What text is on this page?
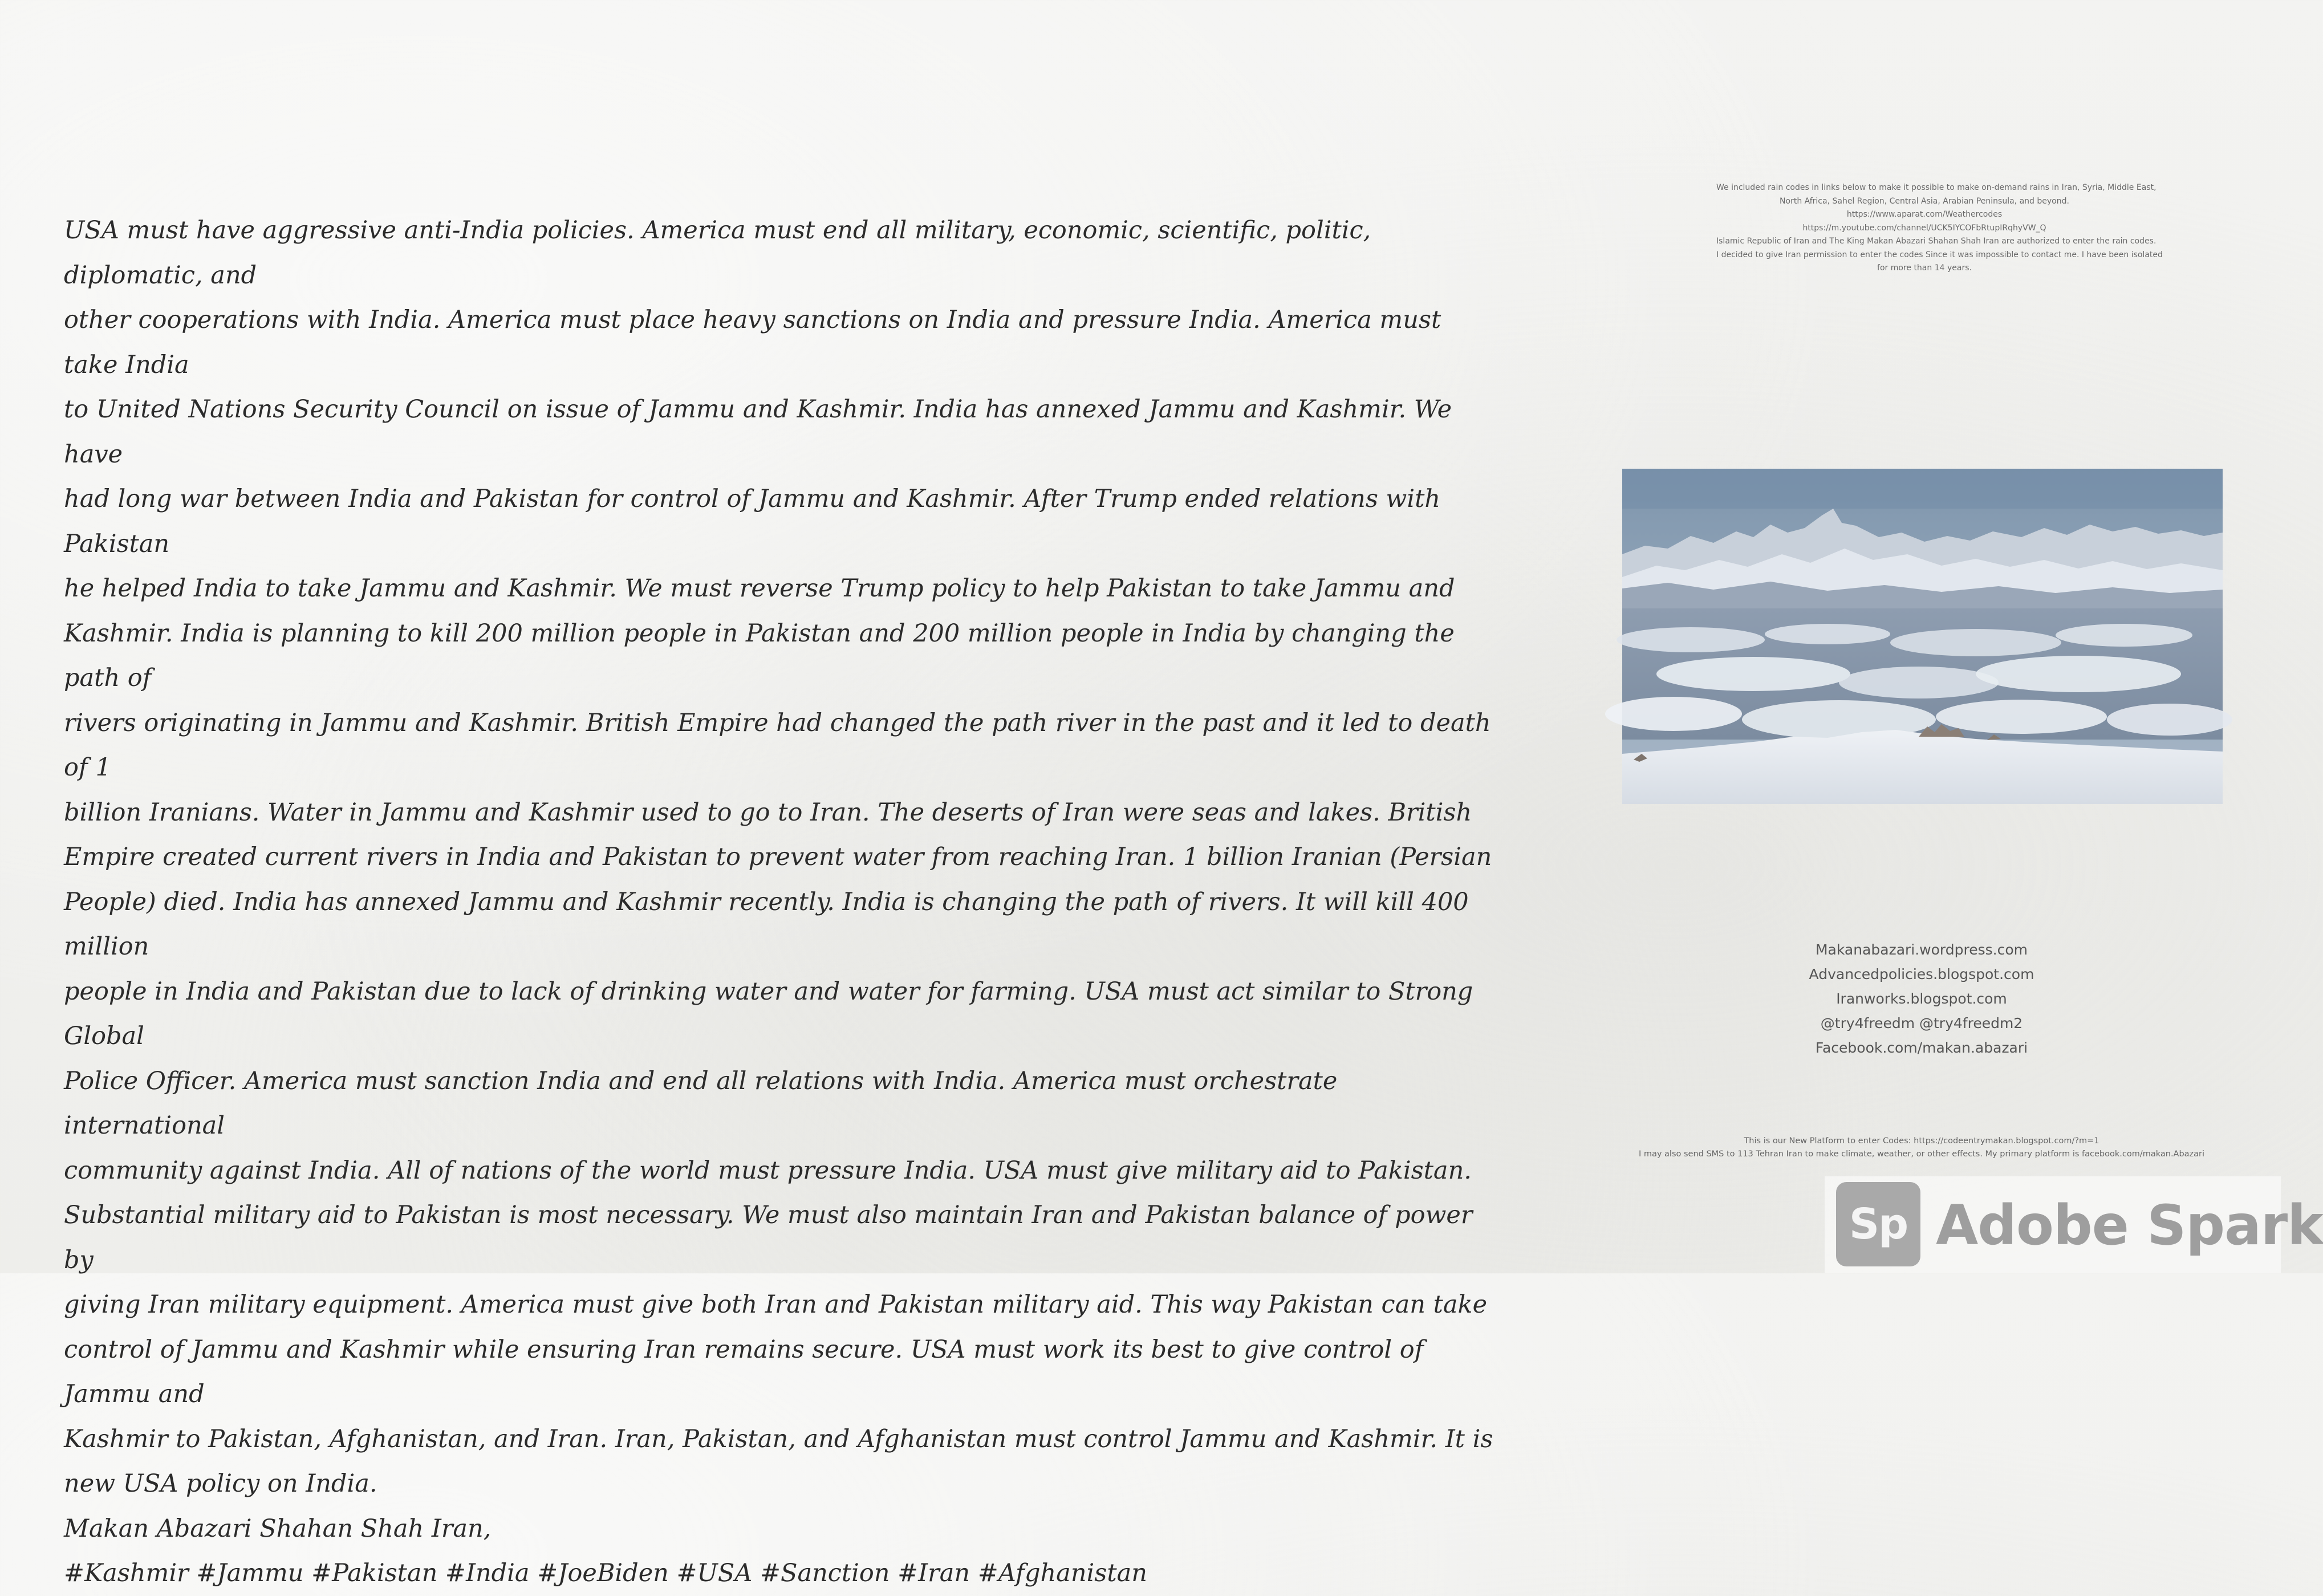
USA must have aggressive anti-India policies. America must end all military, economic, scientific, politic, diplomatic, and

other cooperations with India. America must place heavy sanctions on India and pressure India. America must take India

to United Nations Security Council on issue of Jammu and Kashmir. India has annexed Jammu and Kashmir. We have

had long war between India and Pakistan for control of Jammu and Kashmir. After Trump ended relations with Pakistan

he helped India to take Jammu and Kashmir. We must reverse Trump policy to help Pakistan to take Jammu and

Kashmir. India is planning to kill 200 million people in Pakistan and 200 million people in India by changing the path of

rivers originating in Jammu and Kashmir. British Empire had changed the path river in the past and it led to death of 1

billion Iranians. Water in Jammu and Kashmir used to go to Iran. The deserts of Iran were seas and lakes. British

Empire created current rivers in India and Pakistan to prevent water from reaching Iran. 1 billion Iranian (Persian

People) died. India has annexed Jammu and Kashmir recently. India is changing the path of rivers. It will kill 400 million

people in India and Pakistan due to lack of drinking water and water for farming. USA must act similar to Strong Global

Police Officer. America must sanction India and end all relations with India. America must orchestrate international

community against India. All of nations of the world must pressure India. USA must give military aid to Pakistan.

Substantial military aid to Pakistan is most necessary. We must also maintain Iran and Pakistan balance of power by

giving Iran military equipment. America must give both Iran and Pakistan military aid. This way Pakistan can take

control of Jammu and Kashmir while ensuring Iran remains secure. USA must work its best to give control of Jammu and

Kashmir to Pakistan, Afghanistan, and Iran. Iran, Pakistan, and Afghanistan must control Jammu and Kashmir. It is

new USA policy on India.

Makan Abazari Shahan Shah Iran,

#Kashmir #Jammu #Pakistan #India #JoeBiden #USA #Sanction #Iran #Afghanistan

We included rain codes in links below to make it possible to make on-demand rains in Iran, Syria, Middle East,
North Africa, Sahel Region, Central Asia, Arabian Peninsula, and beyond.
https://www.aparat.com/Weathercodes
https://m.youtube.com/channel/UCK5IYCOFbRtupIRqhyVW_Q
Islamic Republic of Iran and The King Makan Abazari Shahan Shah Iran are authorized to enter the rain codes.
I decided to give Iran permission to enter the codes Since it was impossible to contact me. I have been isolated
for more than 14 years.
Makanabazari.wordpress.com
Advancedpolicies.blogspot.com
Iranworks.blogspot.com
@try4freedm @try4freedm2
Facebook.com/makan.abazari
This is our New Platform to enter Codes: https://codeentrymakan.blogspot.com/?m=1
I may also send SMS to 113 Tehran Iran to make climate, weather, or other effects. My primary platform is facebook.com/makan.Abazari
Sp Adobe Spark
